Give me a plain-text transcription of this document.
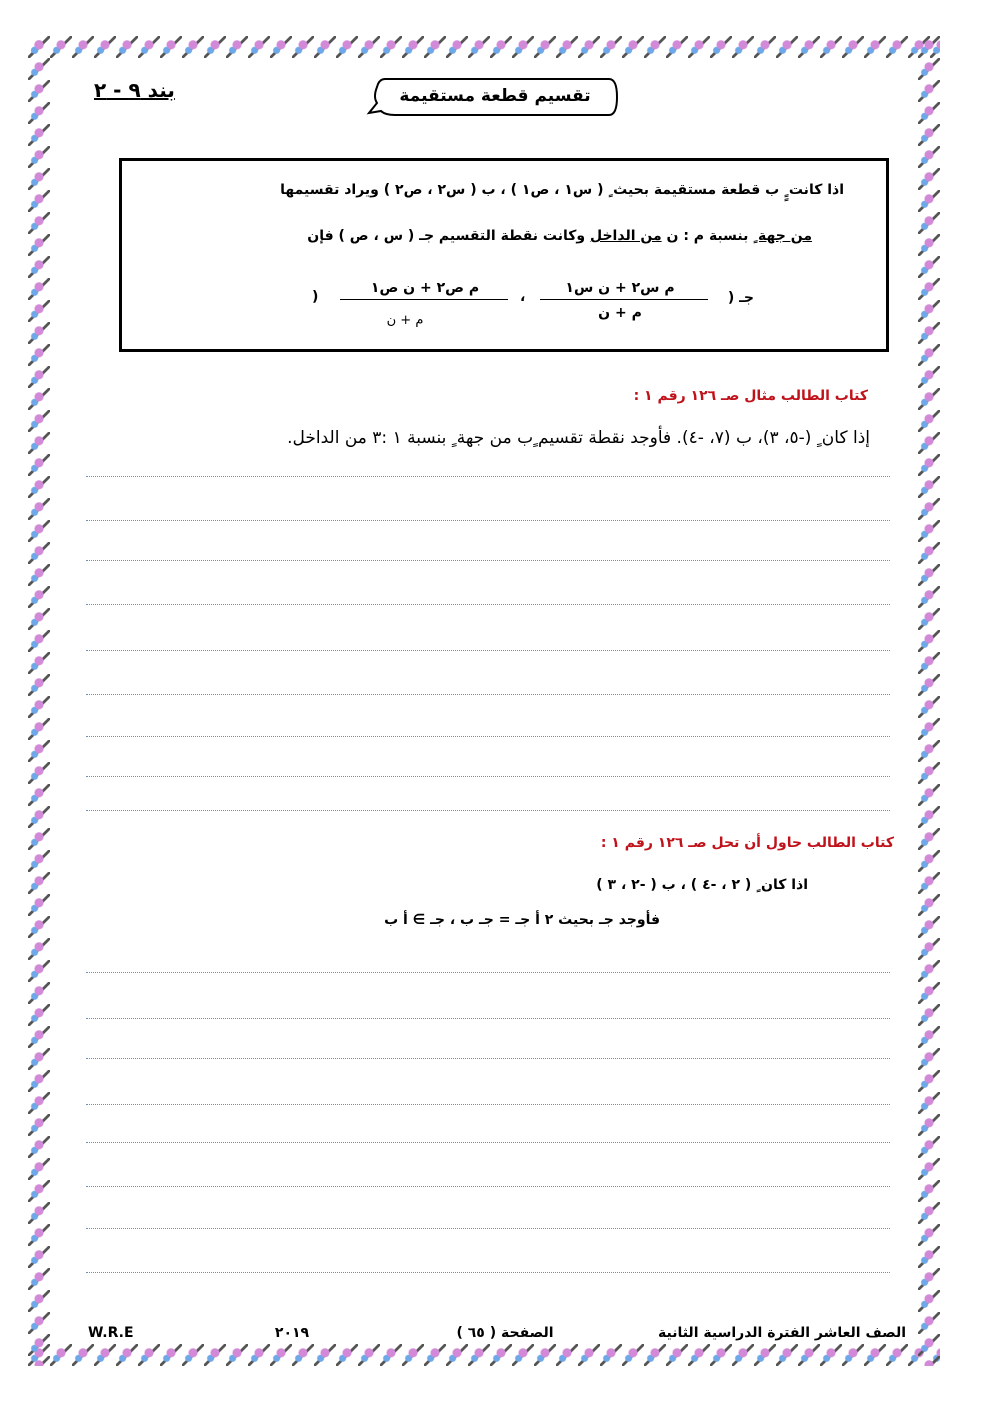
بند ٩ - ٢	تقسيم قطعة مستقيمة
اذا كانت ٍٍ ب قطعة مستقيمة بحيث ٍ ( س١ ، ص١ ) ، ب ( س٢ ، ص٢ ) ويراد تقسيمها
من جهة ٍ بنسبة م : ن من الداخل وكانت نقطة التقسيم جـ ( س ، ص ) فإن
جـ (
م س٢ + ن س١
م + ن
،
م ص٢ + ن ص١
م + ن
)
كتاب الطالب مثال صـ ١٢٦ رقم ١ :
إذا كان ٍ (-٥، ٣)، ب (٧، -٤). فأوجد نقطة تقسيم ٍب من جهة ٍ بنسبة ١ :٣ من الداخل.
كتاب الطالب حاول أن تحل صـ ١٢٦ رقم ١ :
اذا كان ٍ ( ٢ ، -٤ ) ، ب ( -٢ ، ٣ )
فأوجد جـ بحيث ٢ أ جـ = جـ ب ، جـ ∋ أ ب
الصف العاشر الفترة الدراسية الثانية
الصفحة ( ٦٥ )
٢٠١٩
W.R.E
